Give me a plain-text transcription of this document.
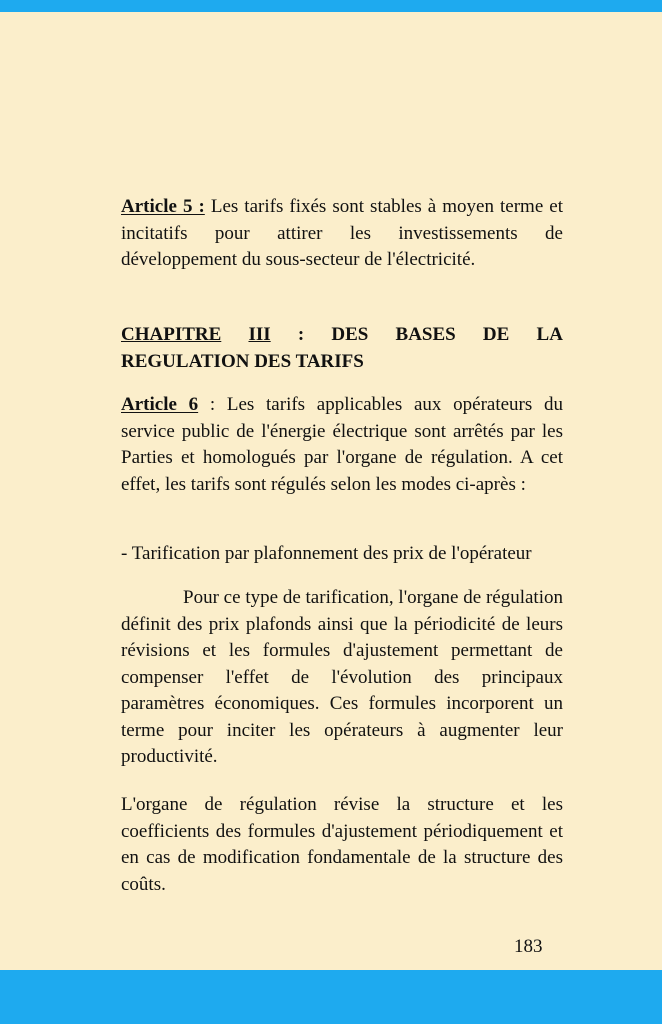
Article 5 : Les tarifs fixés sont stables à moyen terme et incitatifs pour attirer les investissements de développement du sous-secteur de l'électricité.

CHAPITRE III : DES BASES DE LA
REGULATION DES TARIFS

Article 6 : Les tarifs applicables aux opérateurs du service public de l'énergie électrique sont arrêtés par les Parties et homologués par l'organe de régulation. A cet effet, les tarifs sont régulés selon les modes ci-après :

- Tarification par plafonnement des prix de l'opérateur

Pour ce type de tarification, l'organe de régulation définit des prix plafonds ainsi que la périodicité de leurs révisions et les formules d'ajustement permettant de compenser l'effet de l'évolution des principaux paramètres économiques. Ces formules incorporent un terme pour inciter les opérateurs à augmenter leur productivité.

L'organe de régulation révise la structure et les coefficients des formules d'ajustement périodiquement et en cas de modification fondamentale de la structure des coûts.

183
